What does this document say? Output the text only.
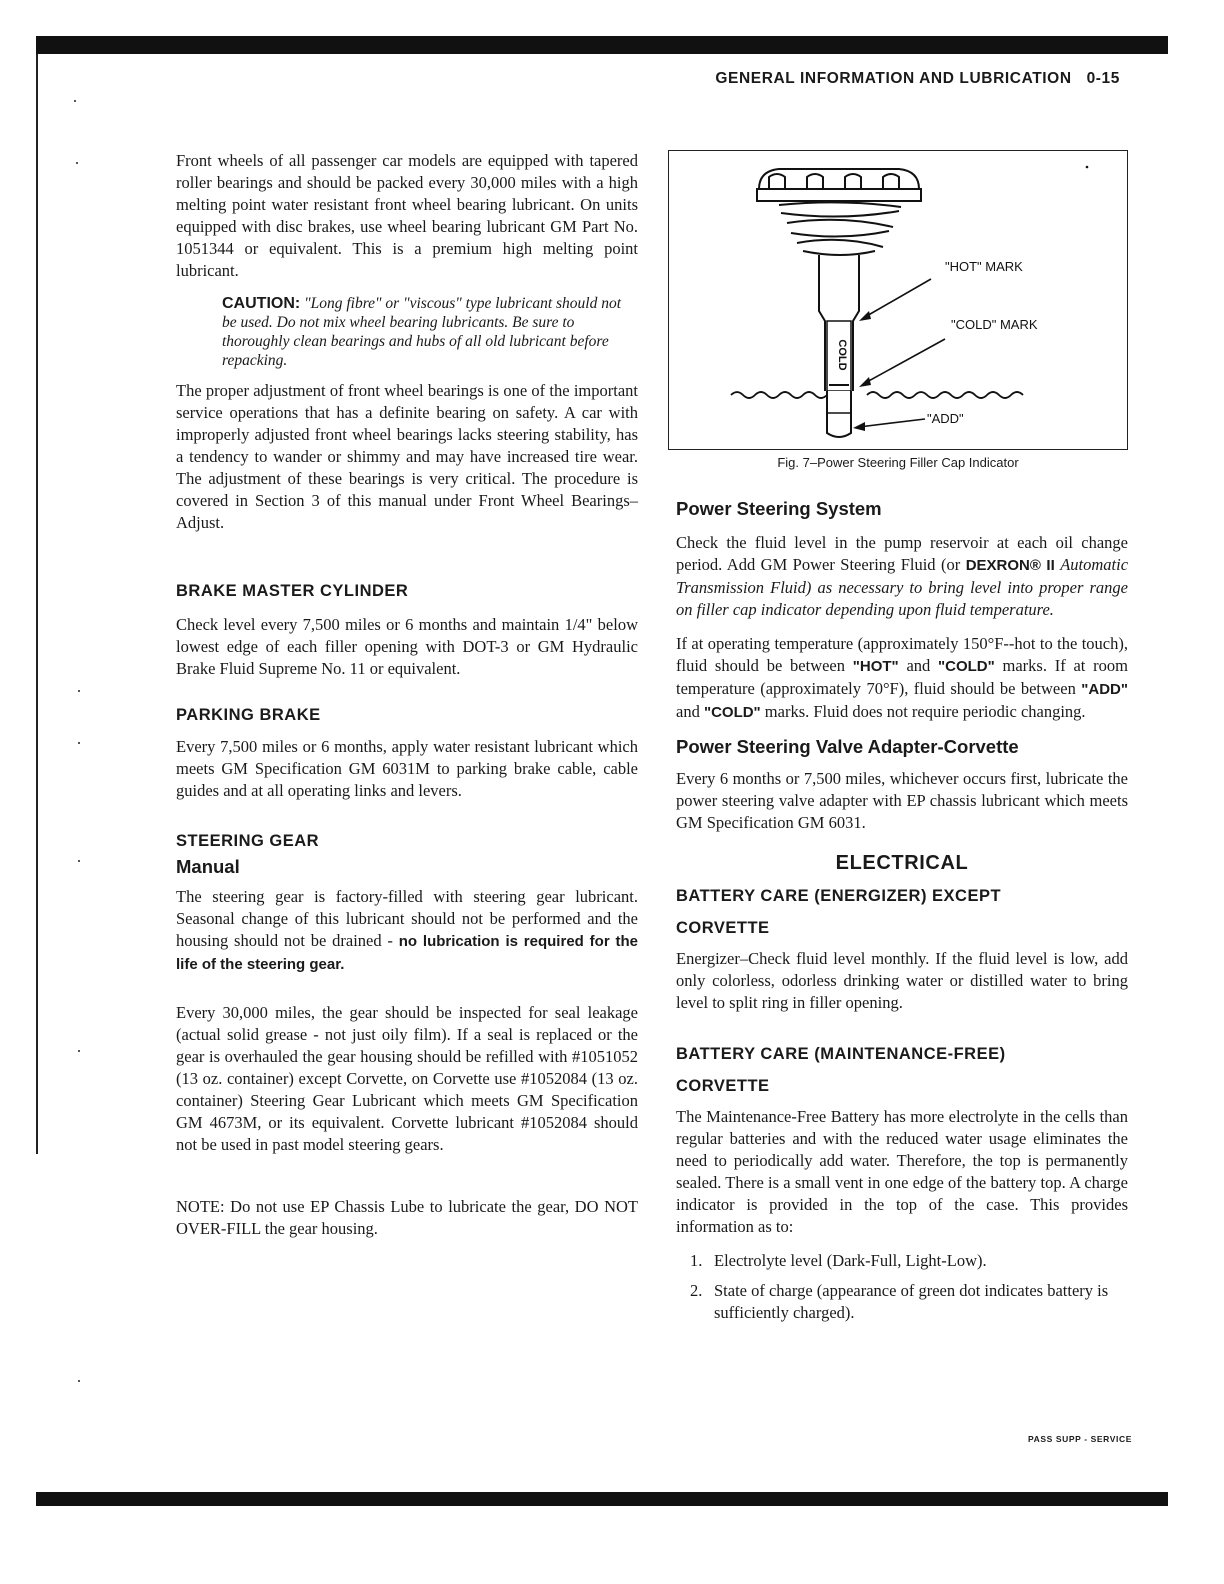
GENERAL INFORMATION AND LUBRICATION 0-15

Front wheels of all passenger car models are equipped with tapered roller bearings and should be packed every 30,000 miles with a high melting point water resistant front wheel bearing lubricant. On units equipped with disc brakes, use wheel bearing lubricant GM Part No. 1051344 or equivalent. This is a premium high melting point lubricant.

CAUTION: "Long fibre" or "viscous" type lubricant should not be used. Do not mix wheel bearing lubricants. Be sure to thoroughly clean bearings and hubs of all old lubricant before repacking.

The proper adjustment of front wheel bearings is one of the important service operations that has a definite bearing on safety. A car with improperly adjusted front wheel bearings lacks steering stability, has a tendency to wander or shimmy and may have increased tire wear. The adjustment of these bearings is very critical. The procedure is covered in Section 3 of this manual under Front Wheel Bearings–Adjust.

BRAKE MASTER CYLINDER

Check level every 7,500 miles or 6 months and maintain 1/4" below lowest edge of each filler opening with DOT-3 or GM Hydraulic Brake Fluid Supreme No. 11 or equivalent.

PARKING BRAKE

Every 7,500 miles or 6 months, apply water resistant lubricant which meets GM Specification GM 6031M to parking brake cable, cable guides and at all operating links and levers.

STEERING GEAR
Manual

The steering gear is factory-filled with steering gear lubricant. Seasonal change of this lubricant should not be performed and the housing should not be drained - no lubrication is required for the life of the steering gear.

Every 30,000 miles, the gear should be inspected for seal leakage (actual solid grease - not just oily film). If a seal is replaced or the gear is overhauled the gear housing should be refilled with #1051052 (13 oz. container) except Corvette, on Corvette use #1052084 (13 oz. container) Steering Gear Lubricant which meets GM Specification GM 4673M, or its equivalent. Corvette lubricant #1052084 should not be used in past model steering gears.

NOTE: Do not use EP Chassis Lube to lubricate the gear, DO NOT OVER-FILL the gear housing.

COLD
"HOT" MARK
"COLD" MARK
"ADD"
Fig. 7–Power Steering Filler Cap Indicator
Power Steering System

Check the fluid level in the pump reservoir at each oil change period. Add GM Power Steering Fluid (or DEXRON® II Automatic Transmission Fluid) as necessary to bring level into proper range on filler cap indicator depending upon fluid temperature.

If at operating temperature (approximately 150°F--hot to the touch), fluid should be between "HOT" and "COLD" marks. If at room temperature (approximately 70°F), fluid should be between "ADD" and "COLD" marks. Fluid does not require periodic changing.

Power Steering Valve Adapter-Corvette

Every 6 months or 7,500 miles, whichever occurs first, lubricate the power steering valve adapter with EP chassis lubricant which meets GM Specification GM 6031.

ELECTRICAL
BATTERY CARE (ENERGIZER) EXCEPT
CORVETTE

Energizer–Check fluid level monthly. If the fluid level is low, add only colorless, odorless drinking water or distilled water to bring level to split ring in filler opening.

BATTERY CARE (MAINTENANCE-FREE)
CORVETTE

The Maintenance-Free Battery has more electrolyte in the cells than regular batteries and with the reduced water usage eliminates the need to periodically add water. Therefore, the top is permanently sealed. There is a small vent in one edge of the battery top. A charge indicator is provided in the top of the case. This provides information as to:

1. Electrolyte level (Dark-Full, Light-Low).
2. State of charge (appearance of green dot indicates battery is sufficiently charged).
PASS SUPP - SERVICE
